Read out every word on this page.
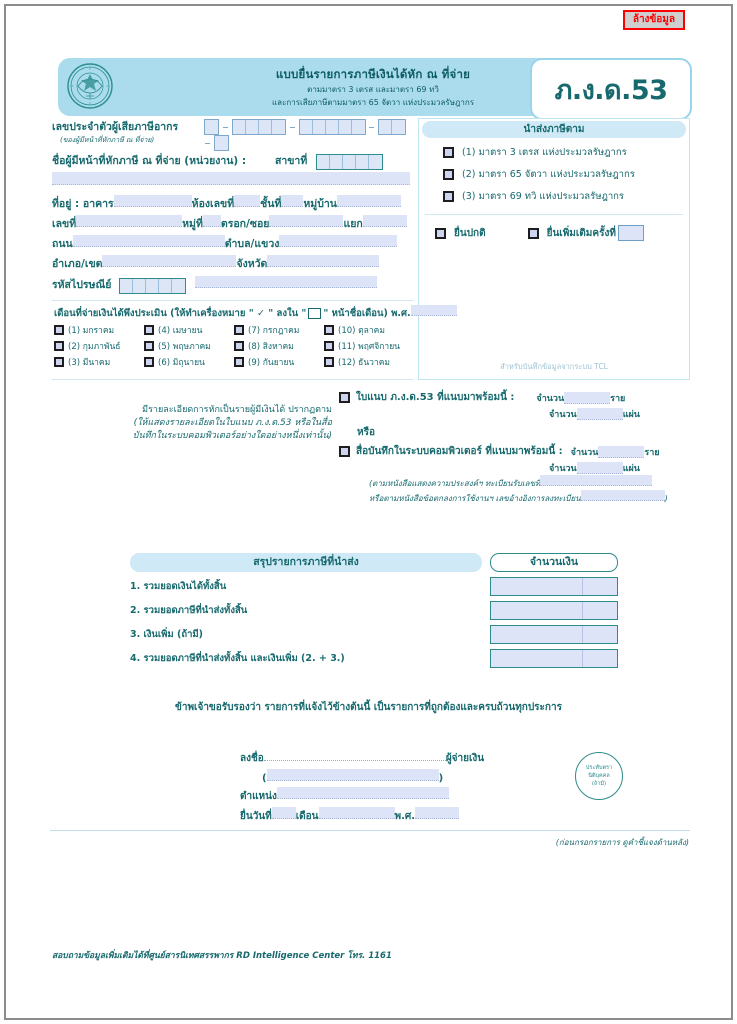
ล้างข้อมูล
แบบยื่นรายการภาษีเงินได้หัก ณ ที่จ่าย
ตามมาตรา 3 เตรส และมาตรา 69 ทวิ
และการเสียภาษีตามมาตรา 65 จัตวา แห่งประมวลรัษฎากร	ภ.ง.ด.53
เลขประจำตัวผู้เสียภาษีอากร
(ของผู้มีหน้าที่หักภาษี ณ ที่จ่าย)

ชื่อผู้มีหน้าที่หักภาษี ณ ที่จ่าย (หน่วยงาน) :	สาขาที่
ที่อยู่ : อาคาร	ห้องเลขที่ ชั้นที่ หมู่บ้าน
เลขที่	หมู่ที่ ตรอก/ซอย	แยก
ถนน	ตำบล/แขวง
อำเภอ/เขต	จังหวัด
รหัสไปรษณีย์
นำส่งภาษีตาม
(1) มาตรา 3 เตรส แห่งประมวลรัษฎากร
(2) มาตรา 65 จัตวา แห่งประมวลรัษฎากร
(3) มาตรา 69 ทวิ แห่งประมวลรัษฎากร
ยื่นปกติ	ยื่นเพิ่มเติมครั้งที่
สำหรับบันทึกข้อมูลจากระบบ TCL
เดือนที่จ่ายเงินได้พึงประเมิน (ให้ทำเครื่องหมาย " ✓ " ลงใน " " หน้าชื่อเดือน) พ.ศ.
(1) มกราคม	(4) เมษายน	(7) กรกฎาคม	(10) ตุลาคม
(2) กุมภาพันธ์	(5) พฤษภาคม	(8) สิงหาคม	(11) พฤศจิกายน
(3) มีนาคม	(6) มิถุนายน	(9) กันยายน	(12) ธันวาคม
มีรายละเอียดการหักเป็นรายผู้มีเงินได้ ปรากฏตาม
(ให้แสดงรายละเอียดในใบแนบ ภ.ง.ด.53 หรือในสื่อ
บันทึกในระบบคอมพิวเตอร์อย่างใดอย่างหนึ่งเท่านั้น)
ใบแนบ ภ.ง.ด.53 ที่แนบมาพร้อมนี้ : จำนวน	ราย
จำนวน	แผ่น
หรือ
สื่อบันทึกในระบบคอมพิวเตอร์ ที่แนบมาพร้อมนี้ : จำนวน	ราย
จำนวน	แผ่น
(ตามหนังสือแสดงความประสงค์ฯ ทะเบียนรับเลขที่
หรือตามหนังสือข้อตกลงการใช้งานฯ เลขอ้างอิงการลงทะเบียน	)
สรุปรายการภาษีที่นำส่ง	จำนวนเงิน
1. รวมยอดเงินได้ทั้งสิ้น
2. รวมยอดภาษีที่นำส่งทั้งสิ้น
3. เงินเพิ่ม (ถ้ามี)
4. รวมยอดภาษีที่นำส่งทั้งสิ้น และเงินเพิ่ม (2. + 3.)
ข้าพเจ้าขอรับรองว่า รายการที่แจ้งไว้ข้างต้นนี้ เป็นรายการที่ถูกต้องและครบถ้วนทุกประการ
ลงชื่อ	ผู้จ่ายเงิน
(	)
ตำแหน่ง
ยื่นวันที่ เดือน	พ.ศ.
ประทับตรา
นิติบุคคล
(ถ้ามี)
(ก่อนกรอกรายการ ดูคำชี้แจงด้านหลัง)
สอบถามข้อมูลเพิ่มเติมได้ที่ศูนย์สารนิเทศสรรพากร RD Intelligence Center โทร. 1161
